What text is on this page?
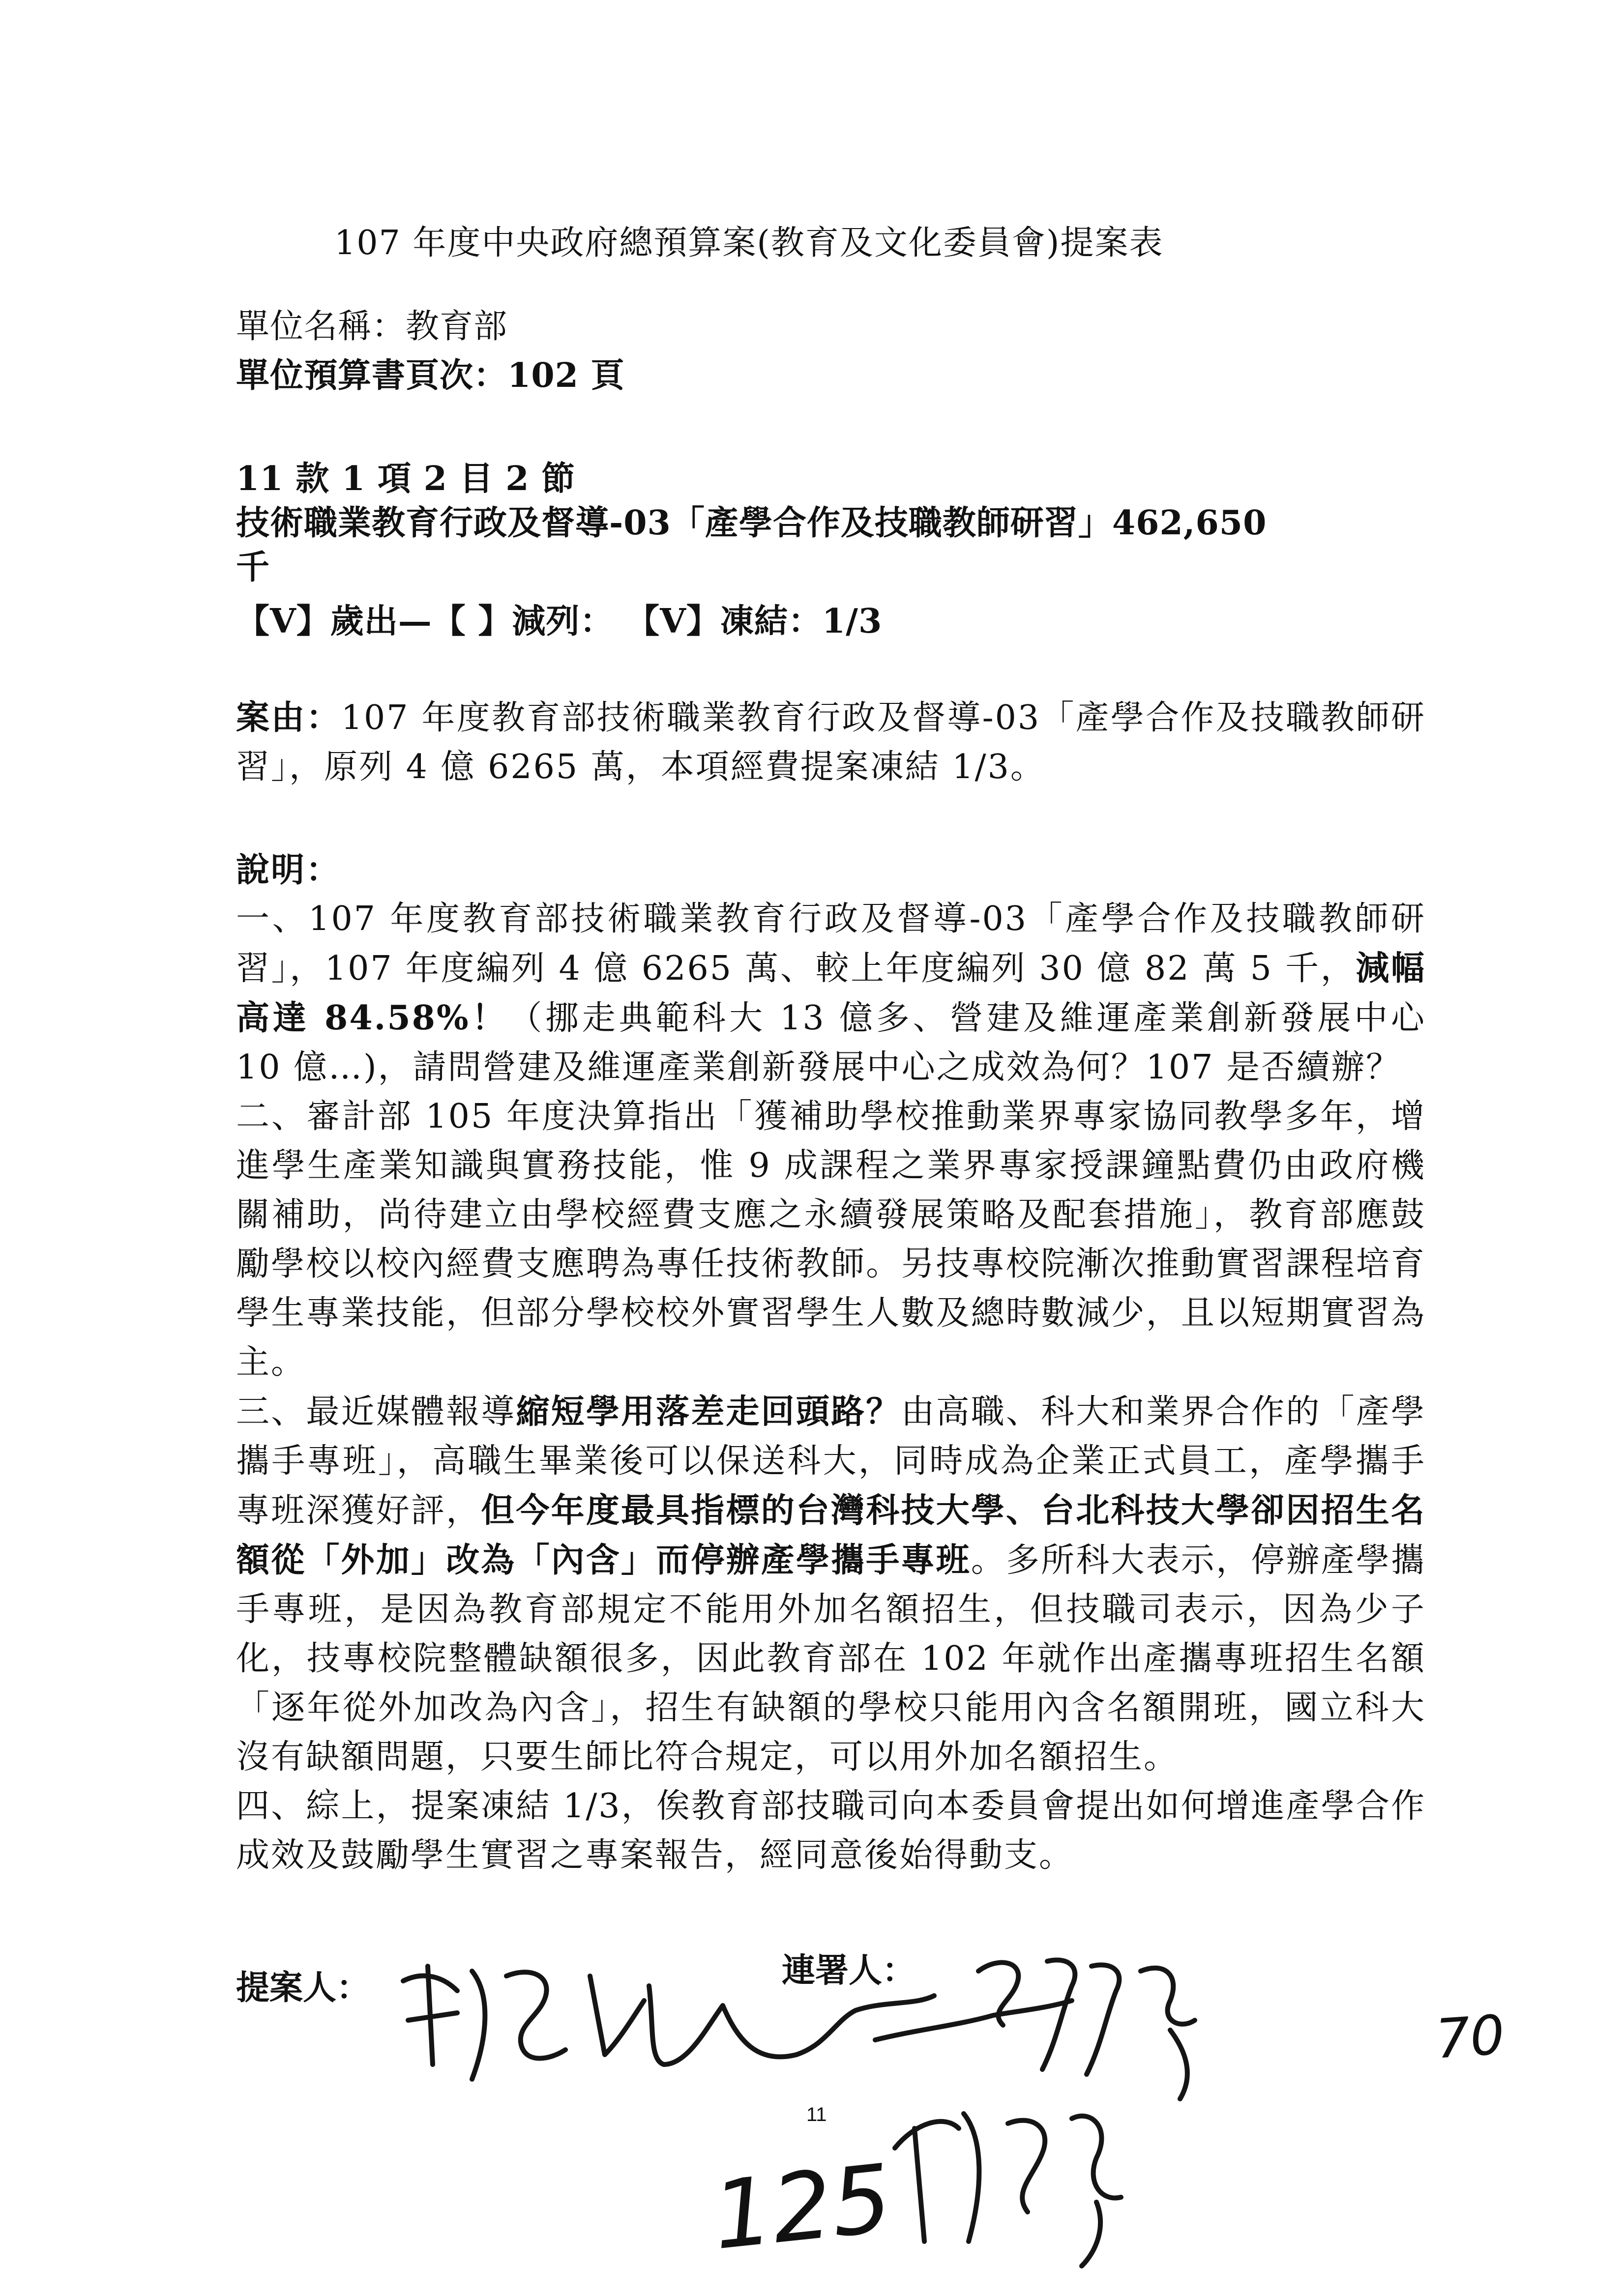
107 年度中央政府總預算案(教育及文化委員會)提案表
單位名稱：教育部
單位預算書頁次：102 頁
11 款 1 項 2 目 2 節
技術職業教育行政及督導-03「產學合作及技職教師研習」462,650
千
【V】歲出—【 】減列： 【V】凍結：1/3

案由：107 年度教育部技術職業教育行政及督導-03「產學合作及技職教師研習」，原列 4 億 6265 萬，本項經費提案凍結 1/3。

說明：

一、107 年度教育部技術職業教育行政及督導-03「產學合作及技職教師研習」，107 年度編列 4 億 6265 萬、較上年度編列 30 億 82 萬 5 千，減幅高達 84.58%！（挪走典範科大 13 億多、營建及維運產業創新發展中心 10 億…)，請問營建及維運產業創新發展中心之成效為何？107 是否續辦？

二、審計部 105 年度決算指出「獲補助學校推動業界專家協同教學多年，增進學生產業知識與實務技能，惟 9 成課程之業界專家授課鐘點費仍由政府機關補助，尚待建立由學校經費支應之永續發展策略及配套措施」，教育部應鼓勵學校以校內經費支應聘為專任技術教師。另技專校院漸次推動實習課程培育學生專業技能，但部分學校校外實習學生人數及總時數減少，且以短期實習為主。

三、最近媒體報導縮短學用落差走回頭路？由高職、科大和業界合作的「產學攜手專班」，高職生畢業後可以保送科大，同時成為企業正式員工，產學攜手專班深獲好評，但今年度最具指標的台灣科技大學、台北科技大學卻因招生名額從「外加」改為「內含」而停辦產學攜手專班。多所科大表示，停辦產學攜手專班，是因為教育部規定不能用外加名額招生，但技職司表示，因為少子化，技專校院整體缺額很多，因此教育部在 102 年就作出產攜專班招生名額「逐年從外加改為內含」，招生有缺額的學校只能用內含名額開班，國立科大沒有缺額問題，只要生師比符合規定，可以用外加名額招生。

四、綜上，提案凍結 1/3，俟教育部技職司向本委員會提出如何增進產學合作成效及鼓勵學生實習之專案報告，經同意後始得動支。

提案人：	連署人：
125
70
11
